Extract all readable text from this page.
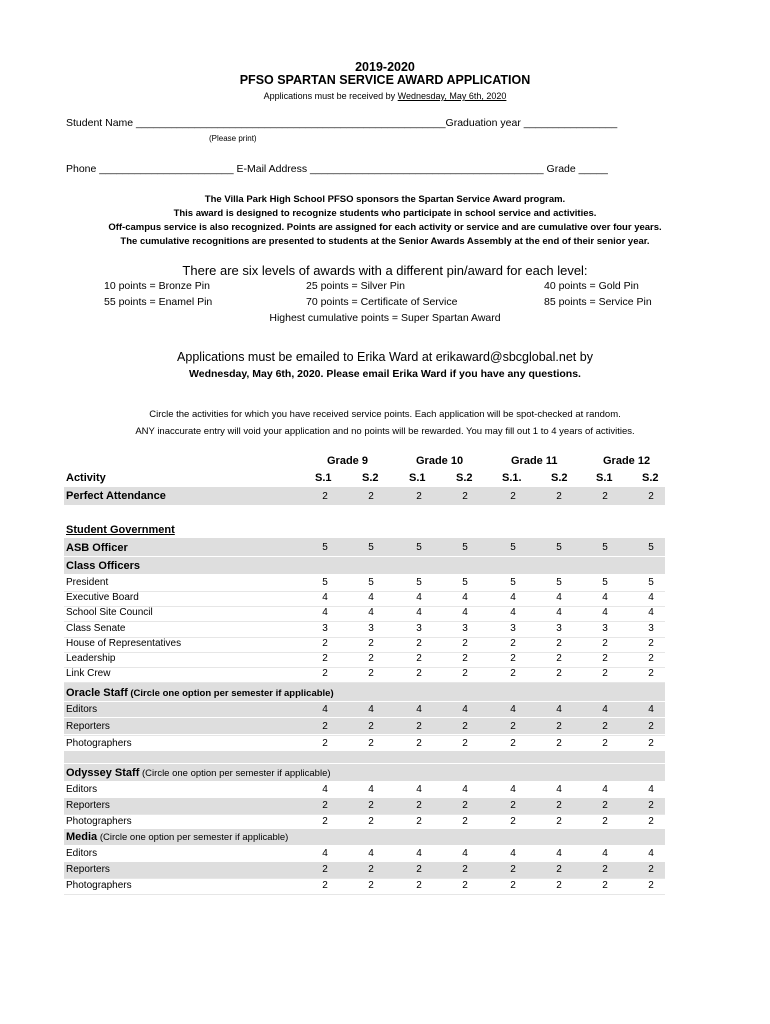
2019-2020
PFSO SPARTAN SERVICE AWARD APPLICATION
Applications must be received by Wednesday, May 6th, 2020
Student Name _____________________________________________________Graduation year ________________
(Please print)
Phone _______________________ E-Mail Address ________________________________________ Grade _____
The Villa Park High School PFSO sponsors the Spartan Service Award program.
This award is designed to recognize students who participate in school service and activities.
Off-campus service is also recognized. Points are assigned for each activity or service and are cumulative over four years.
The cumulative recognitions are presented to students at the Senior Awards Assembly at the end of their senior year.
There are six levels of awards with a different pin/award for each level:
10 points = Bronze Pin	25 points = Silver Pin	40 points = Gold Pin
55 points = Enamel Pin	70 points = Certificate of Service	85 points = Service Pin
Highest cumulative points = Super Spartan Award
Applications must be emailed to Erika Ward at erikaward@sbcglobal.net by
Wednesday, May 6th, 2020. Please email Erika Ward if you have any questions.
Circle the activities for which you have received service points. Each application will be spot-checked at random.
ANY inaccurate entry will void your application and no points will be rewarded. You may fill out 1 to 4 years of activities.
Grade 9	Grade 10	Grade 11	Grade 12
Activity	S.1	S.2	S.1	S.2	S.1.	S.2	S.1	S.2
Perfect Attendance	2	2	2	2	2	2	2	2
Student Government
ASB Officer	5	5	5	5	5	5	5	5
Class Officers
President	5	5	5	5	5	5	5	5
Executive Board	4	4	4	4	4	4	4	4
School Site Council	4	4	4	4	4	4	4	4
Class Senate	3	3	3	3	3	3	3	3
House of Representatives	2	2	2	2	2	2	2	2
Leadership	2	2	2	2	2	2	2	2
Link Crew	2	2	2	2	2	2	2	2
Oracle Staff (Circle one option per semester if applicable)
Editors	4	4	4	4	4	4	4	4
Reporters	2	2	2	2	2	2	2	2
Photographers	2	2	2	2	2	2	2	2
Odyssey Staff (Circle one option per semester if applicable)
Editors	4	4	4	4	4	4	4	4
Reporters	2	2	2	2	2	2	2	2
Photographers	2	2	2	2	2	2	2	2
Media (Circle one option per semester if applicable)
Editors	4	4	4	4	4	4	4	4
Reporters	2	2	2	2	2	2	2	2
Photographers	2	2	2	2	2	2	2	2
